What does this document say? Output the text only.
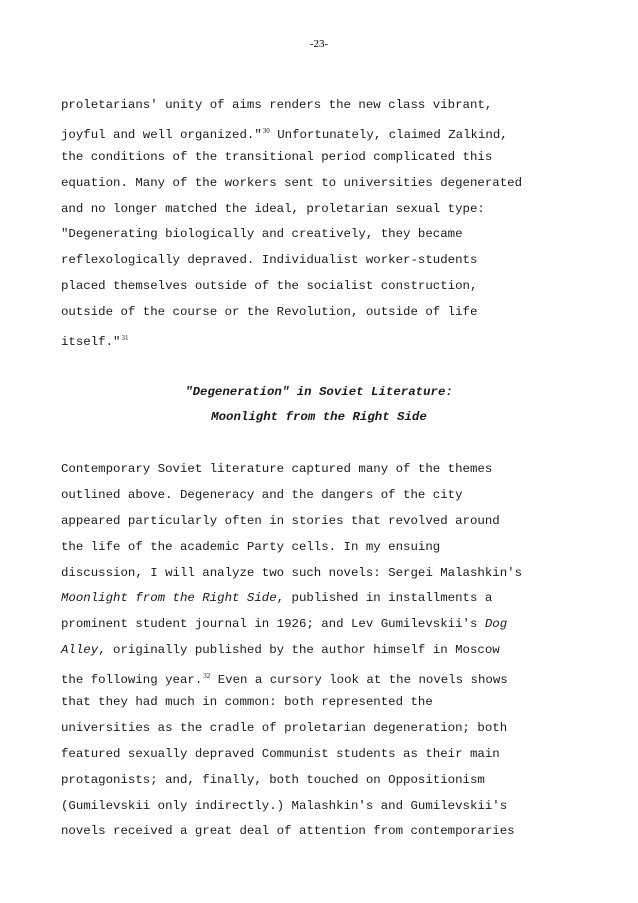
-23-
proletarians' unity of aims renders the new class vibrant,
joyful and well organized."$^{30}$ Unfortunately, claimed Zalkind,
the conditions of the transitional period complicated this
equation. Many of the workers sent to universities degenerated
and no longer matched the ideal, proletarian sexual type:
"Degenerating biologically and creatively, they became
reflexologically depraved. Individualist worker-students
placed themselves outside of the socialist construction,
outside of the course or the Revolution, outside of life
itself."$^{31}$
"Degeneration" in Soviet Literature:
Moonlight from the Right Side
Contemporary Soviet literature captured many of the themes
outlined above. Degeneracy and the dangers of the city
appeared particularly often in stories that revolved around
the life of the academic Party cells. In my ensuing
discussion, I will analyze two such novels: Sergei Malashkin's
Moonlight from the Right Side, published in installments a
prominent student journal in 1926; and Lev Gumilevskii's Dog
Alley, originally published by the author himself in Moscow
the following year.$^{32}$ Even a cursory look at the novels shows
that they had much in common: both represented the
universities as the cradle of proletarian degeneration; both
featured sexually depraved Communist students as their main
protagonists; and, finally, both touched on Oppositionism
(Gumilevskii only indirectly.) Malashkin's and Gumilevskii's
novels received a great deal of attention from contemporaries
